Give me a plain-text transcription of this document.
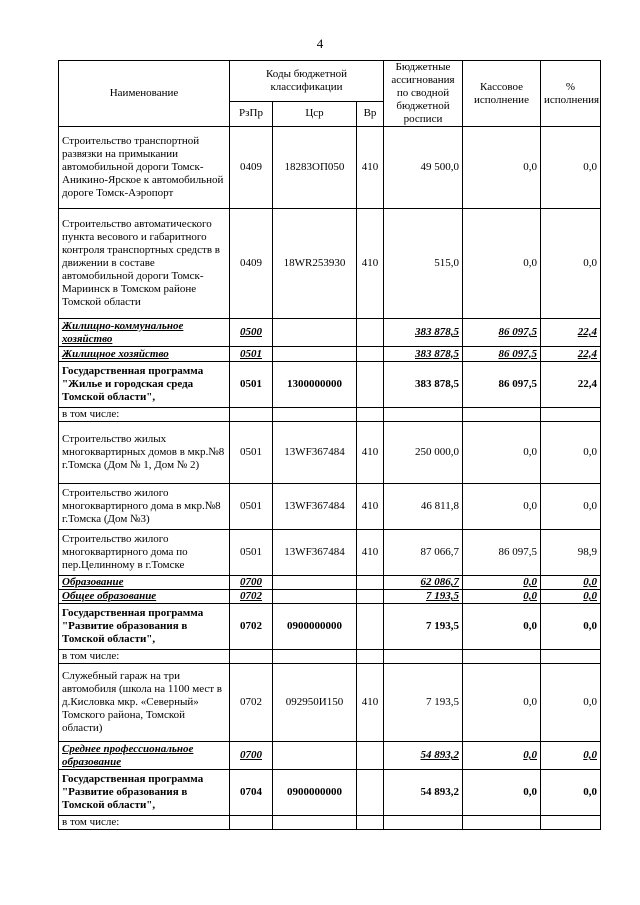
4
Наименование	Коды бюджетной классификации			Бюджетные ассигнования по сводной бюджетной росписи	Кассовое исполнение	% исполнения
	РзПр	Цср	Вр			
Строительство транспортной развязки на примыкании автомобильной дороги Томск-Аникино-Ярское к автомобильной дороге Томск-Аэропорт	0409	18283ОП050	410	49 500,0	0,0	0,0
Строительство автоматического пункта весового и габаритного контроля транспортных средств в движении в составе автомобильной дороги Томск-Мариинск в Томском районе Томской области	0409	18WR253930	410	515,0	0,0	0,0
Жилищно-коммунальное хозяйство	0500			383 878,5	86 097,5	22,4
Жилищное хозяйство	0501			383 878,5	86 097,5	22,4
Государственная программа "Жилье и городская среда Томской области",	0501	1300000000		383 878,5	86 097,5	22,4
в том числе:						
Строительство жилых многоквартирных домов в мкр.№8 г.Томска (Дом № 1, Дом № 2)	0501	13WF367484	410	250 000,0	0,0	0,0
Строительство жилого многоквартирного дома в мкр.№8 г.Томска (Дом №3)	0501	13WF367484	410	46 811,8	0,0	0,0
Строительство жилого многоквартирного дома по пер.Целинному в г.Томске	0501	13WF367484	410	87 066,7	86 097,5	98,9
Образование	0700			62 086,7	0,0	0,0
Общее образование	0702			7 193,5	0,0	0,0
Государственная программа "Развитие образования в Томской области",	0702	0900000000		7 193,5	0,0	0,0
в том числе:						
Служебный гараж на три автомобиля (школа на 1100 мест в д.Кисловка мкр. «Северный» Томского района, Томской области)	0702	092950И150	410	7 193,5	0,0	0,0
Среднее профессиональное образование	0700			54 893,2	0,0	0,0
Государственная программа "Развитие образования в Томской области",	0704	0900000000		54 893,2	0,0	0,0
в том числе:						
